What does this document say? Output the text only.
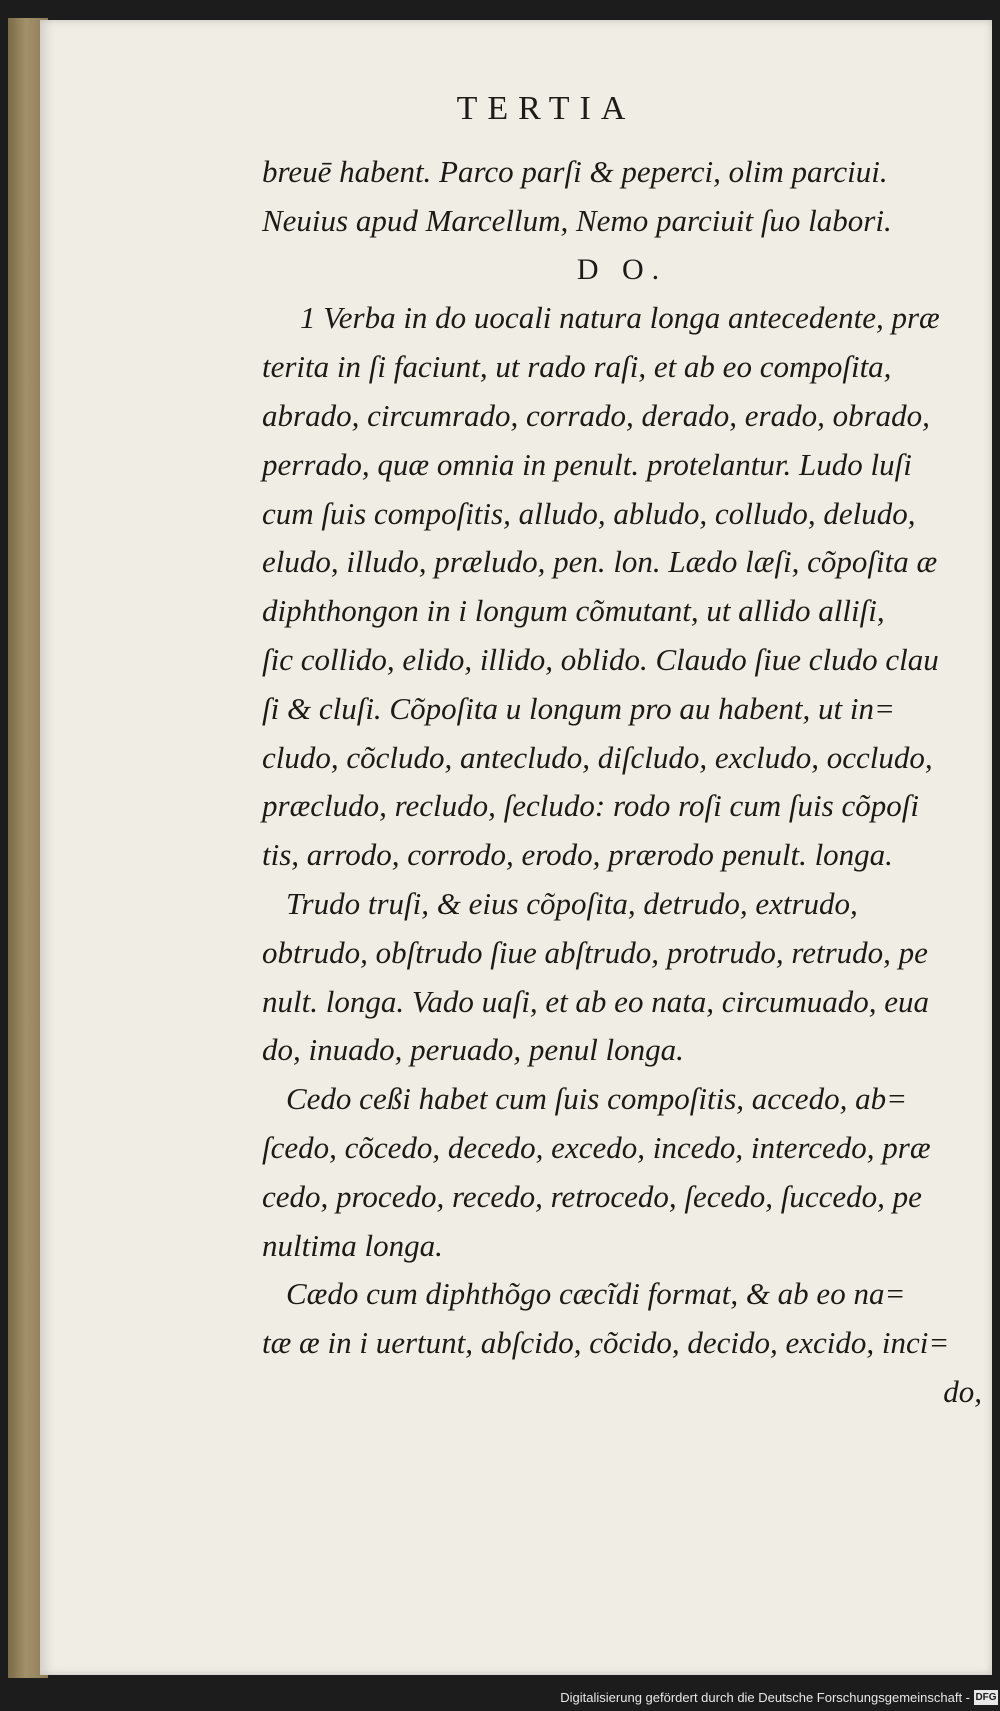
TERTIA
breuē habent. Parco parſi & peperci, olim parciui.
Neuius apud Marcellum, Nemo parciuit ſuo labori.
D O.
1 Verba in do uocali natura longa antecedente, præ
terita in ſi faciunt, ut rado raſi, et ab eo compoſita,
abrado, circumrado, corrado, derado, erado, obrado,
perrado, quæ omnia in penult. protelantur. Ludo luſi
cum ſuis compoſitis, alludo, abludo, colludo, deludo,
eludo, illudo, præludo, pen. lon. Lædo læſi, cõpoſita æ
diphthongon in i longum cõmutant, ut allido alliſi,
ſic collido, elido, illido, oblido. Claudo ſiue cludo clau
ſi & cluſi. Cõpoſita u longum pro au habent, ut in=
cludo, cõcludo, antecludo, diſcludo, excludo, occludo,
præcludo, recludo, ſecludo: rodo roſi cum ſuis cõpoſi
tis, arrodo, corrodo, erodo, prærodo penult. longa.
Trudo truſi, & eius cõpoſita, detrudo, extrudo,
obtrudo, obſtrudo ſiue abſtrudo, protrudo, retrudo, pe
nult. longa. Vado uaſi, et ab eo nata, circumuado, eua
do, inuado, peruado, penul longa.
Cedo ceßi habet cum ſuis compoſitis, accedo, ab=
ſcedo, cõcedo, decedo, excedo, incedo, intercedo, præ
cedo, procedo, recedo, retrocedo, ſecedo, ſuccedo, pe
nultima longa.
Cædo cum diphthõgo cæcĩdi format, & ab eo na=
tæ æ in i uertunt, abſcido, cõcido, decido, excido, inci=
do,
Digitalisierung gefördert durch die Deutsche Forschungsgemeinschaft - DFG
